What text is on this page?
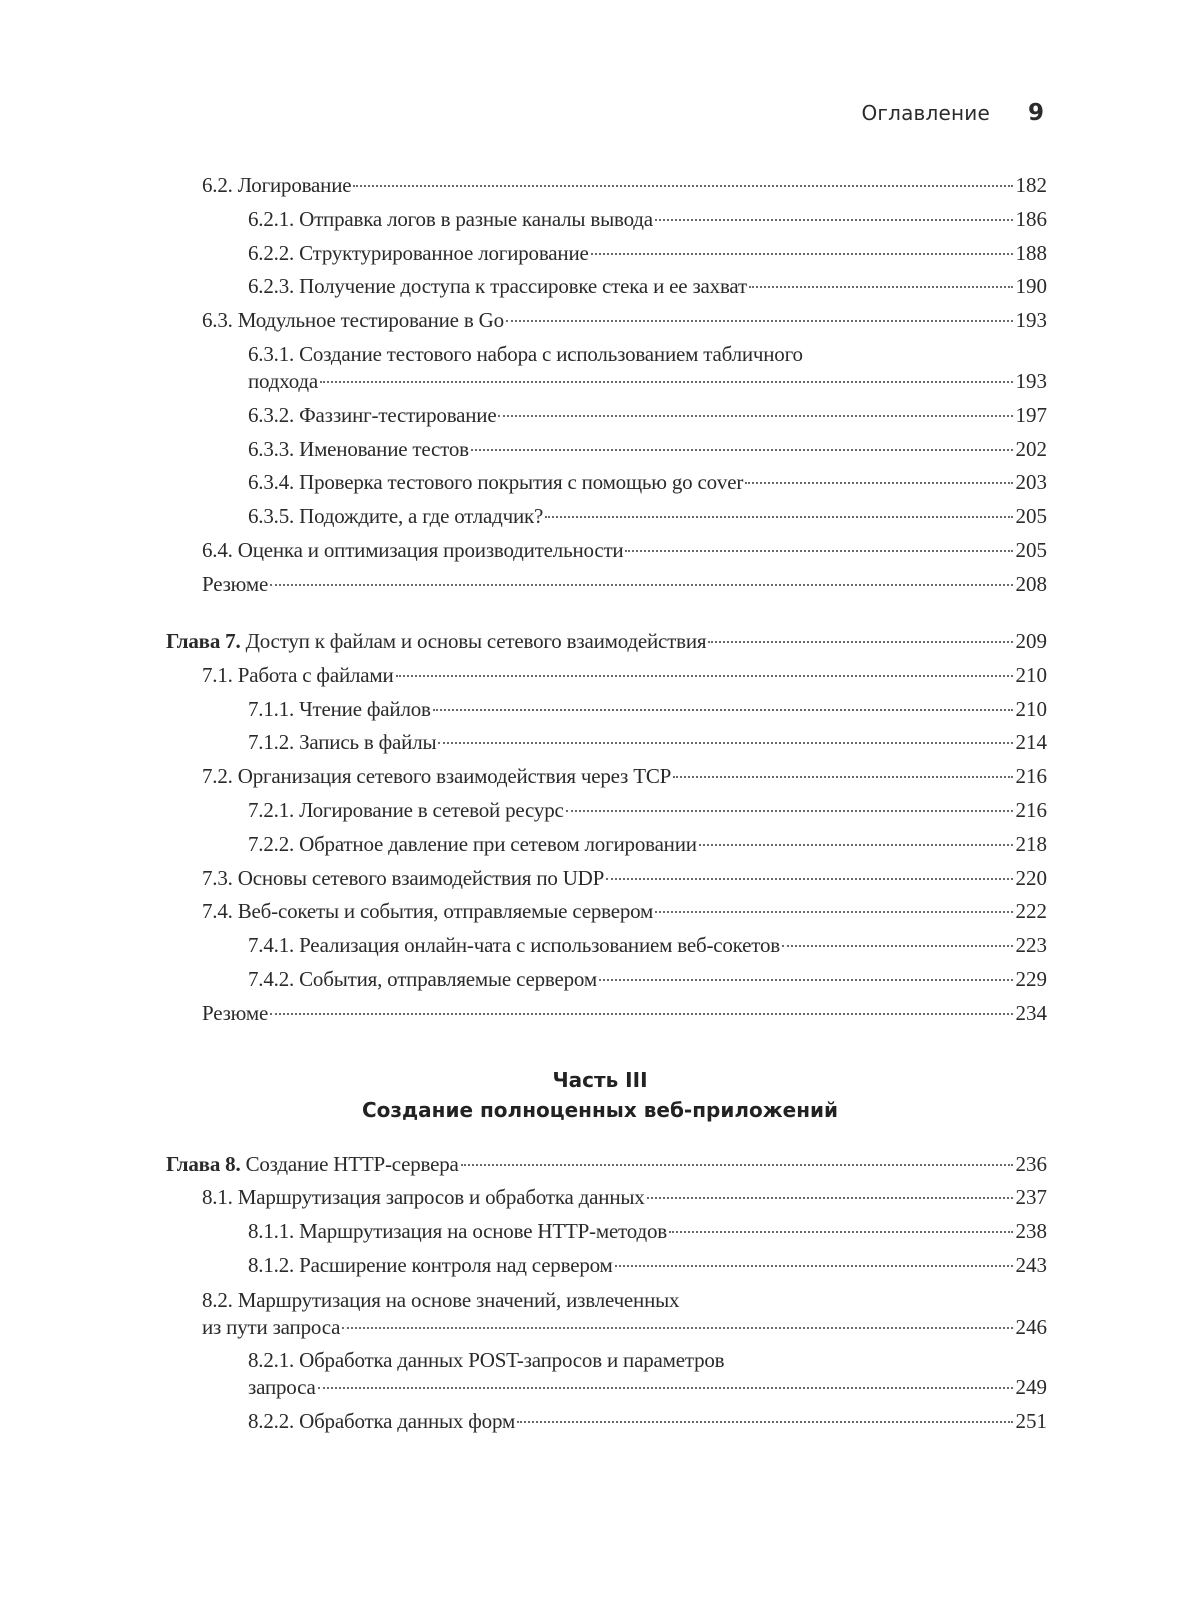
Оглавление 9
6.2. Логирование	182
6.2.1. Отправка логов в разные каналы вывода	186
6.2.2. Структурированное логирование	188
6.2.3. Получение доступа к трассировке стека и ее захват	190
6.3. Модульное тестирование в Go	193
6.3.1. Создание тестового набора с использованием табличного
подхода	193
6.3.2. Фаззинг-тестирование	197
6.3.3. Именование тестов	202
6.3.4. Проверка тестового покрытия с помощью go cover	203
6.3.5. Подождите, а где отладчик?	205
6.4. Оценка и оптимизация производительности	205
Резюме	208
Глава 7. Доступ к файлам и основы сетевого взаимодействия	209
7.1. Работа с файлами	210
7.1.1. Чтение файлов	210
7.1.2. Запись в файлы	214
7.2. Организация сетевого взаимодействия через TCP	216
7.2.1. Логирование в сетевой ресурс	216
7.2.2. Обратное давление при сетевом логировании	218
7.3. Основы сетевого взаимодействия по UDP	220
7.4. Веб-сокеты и события, отправляемые сервером	222
7.4.1. Реализация онлайн-чата с использованием веб-сокетов	223
7.4.2. События, отправляемые сервером	229
Резюме	234
Часть III
Создание полноценных веб-приложений
Глава 8. Создание HTTP-сервера	236
8.1. Маршрутизация запросов и обработка данных	237
8.1.1. Маршрутизация на основе HTTP-методов	238
8.1.2. Расширение контроля над сервером	243
8.2. Маршрутизация на основе значений, извлеченных
из пути запроса	246
8.2.1. Обработка данных POST-запросов и параметров
запроса	249
8.2.2. Обработка данных форм	251
